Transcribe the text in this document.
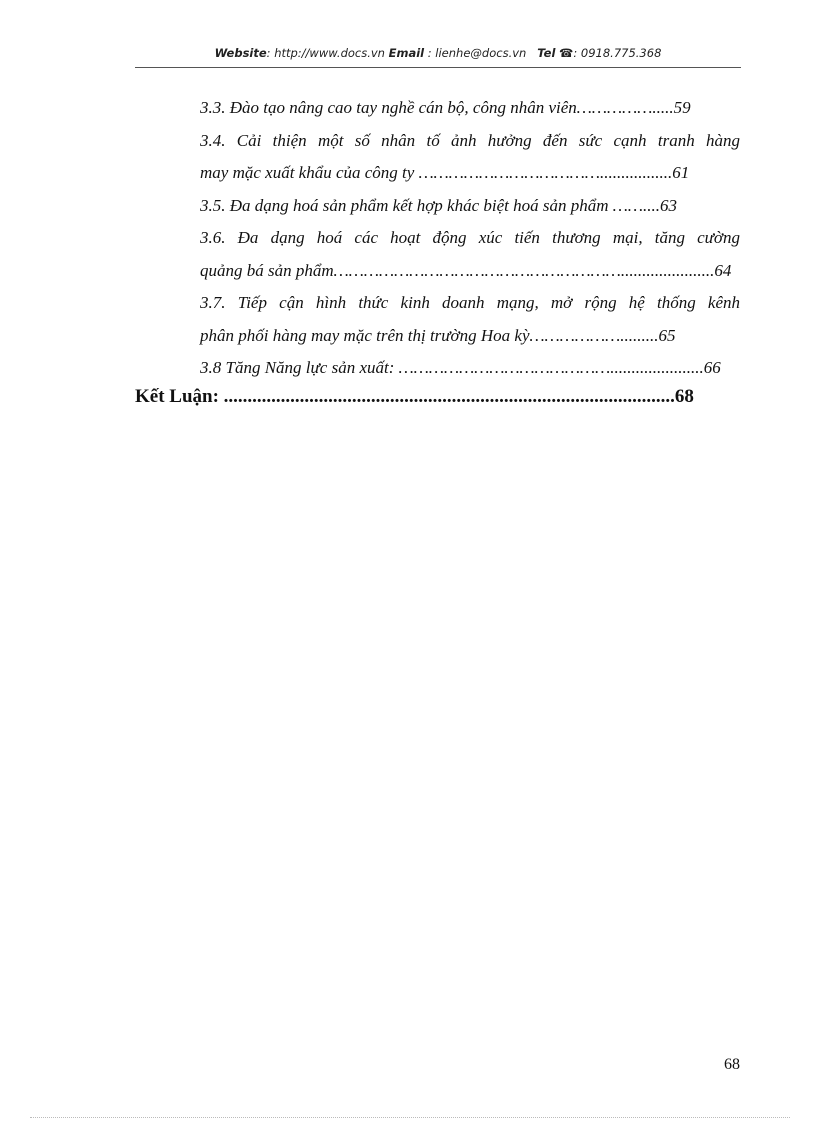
Website: http://www.docs.vn Email : lienhe@docs.vn Tel ☎: 0918.775.368
3.3. Đào tạo nâng cao tay nghề cán bộ, công nhân viên…………….....59
3.4. Cải thiện một số nhân tố ảnh hưởng đến sức cạnh tranh hàng
may mặc xuất khẩu của công ty ……………………………….................61
3.5. Đa dạng hoá sản phẩm kết hợp khác biệt hoá sản phẩm ……....63
3.6. Đa dạng hoá các hoạt động xúc tiến thương mại, tăng cường
quảng bá sản phẩm…………………………………………………......................64
3.7. Tiếp cận hình thức kinh doanh mạng, mở rộng hệ thống kênh
phân phối hàng may mặc trên thị trường Hoa kỳ……………….........65
3.8 Tăng Năng lực sản xuất: ……………………………………......................66
Kết Luận: ...............................................................................................68
68
